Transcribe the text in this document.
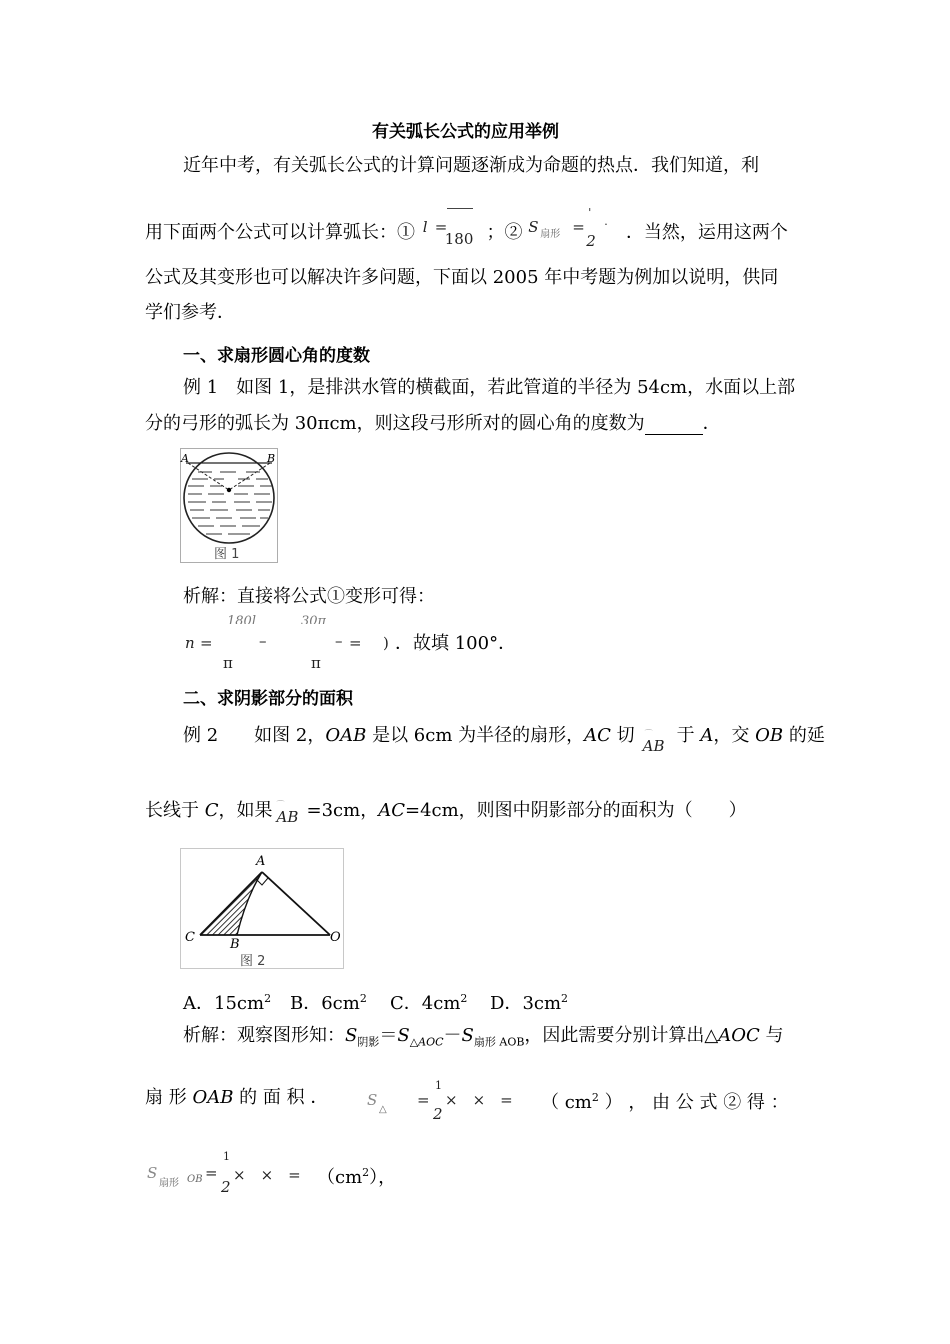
有关弧长公式的应用举例
近年中考，有关弧长公式的计算问题逐渐成为命题的热点．我们知道，利
用下面两个公式可以计算弧长：① l =
180 ；② S 扇形 =
'
2
· ．当然，运用这两个
公式及其变形也可以解决许多问题，下面以 2005 年中考题为例加以说明，供同
学们参考．
一、求扇形圆心角的度数
例 1　如图 1，是排洪水管的横截面，若此管道的半径为 54cm，水面以上部
分的弓形的弧长为 30πcm，则这段弓形所对的圆心角的度数为	．
A	B
图 1
析解：直接将公式①变形可得：
n =
180l
π
–
30π
π
– = ) ．故填 100°．
二、求阴影部分的面积
例 2　　如图 2，OAB 是以 6cm 为半径的扇形，AC 切 ⌒
AB 于 A，交 OB 的延
长线于 C，如果 ⌒
AB =3cm，AC=4cm，则图中阴影部分的面积为（　　）
A
B
C	O
图 2
A．$15cm^2$ B．$6cm^2$ C．$4cm^2$ D．$3cm^2$
析解：观察图形知：$S_{阴影}=S_{\triangle AOC}-S_{扇形 AOB}$，因此需要分别计算出△AOC 与
扇 形 OAB 的 面 积 ．	S
△
=
1
2
×　×　= （ $cm^2$ ） ， 由 公 式 ② 得 ：
S
扇形 OB =
1
2
×　×　= $(cm^2)$，
